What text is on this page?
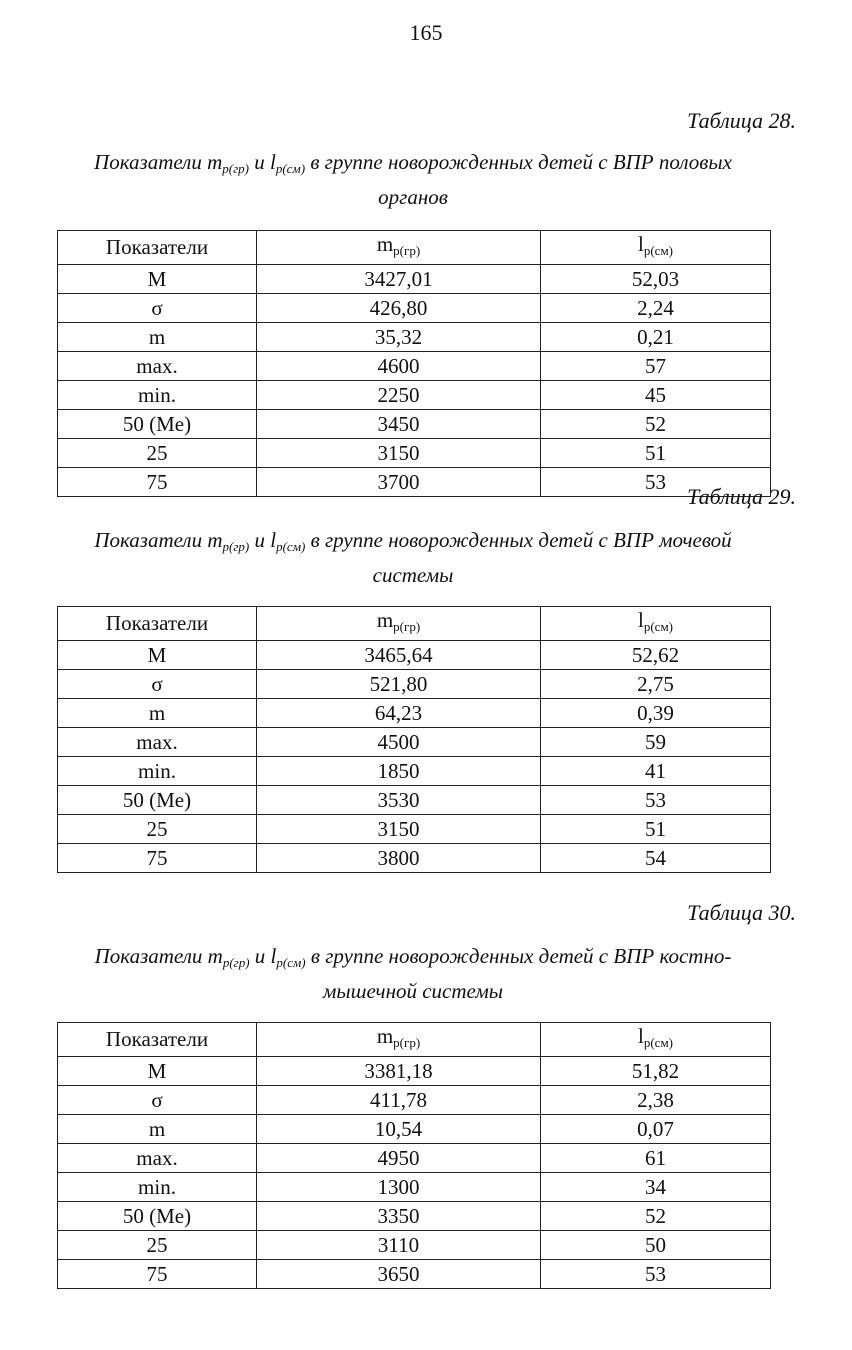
165
Таблица 28.
Показатели $m_{р(гр)}$ и $l_{р(см)}$ в группе новорожденных детей с ВПР половых
органов
Показатели	$m_{р(гр)}$	$l_{р(см)}$
M	3427,01	52,03
σ	426,80	2,24
m	35,32	0,21
max.	4600	57
min.	2250	45
50 (Me)	3450	52
25	3150	51
75	3700	53
Таблица 29.
Показатели $m_{р(гр)}$ и $l_{р(см)}$ в группе новорожденных детей с ВПР мочевой
системы
Показатели	$m_{р(гр)}$	$l_{р(см)}$
M	3465,64	52,62
σ	521,80	2,75
m	64,23	0,39
max.	4500	59
min.	1850	41
50 (Me)	3530	53
25	3150	51
75	3800	54
Таблица 30.
Показатели $m_{р(гр)}$ и $l_{р(см)}$ в группе новорожденных детей с ВПР костно-
мышечной системы
Показатели	$m_{р(гр)}$	$l_{р(см)}$
M	3381,18	51,82
σ	411,78	2,38
m	10,54	0,07
max.	4950	61
min.	1300	34
50 (Me)	3350	52
25	3110	50
75	3650	53
